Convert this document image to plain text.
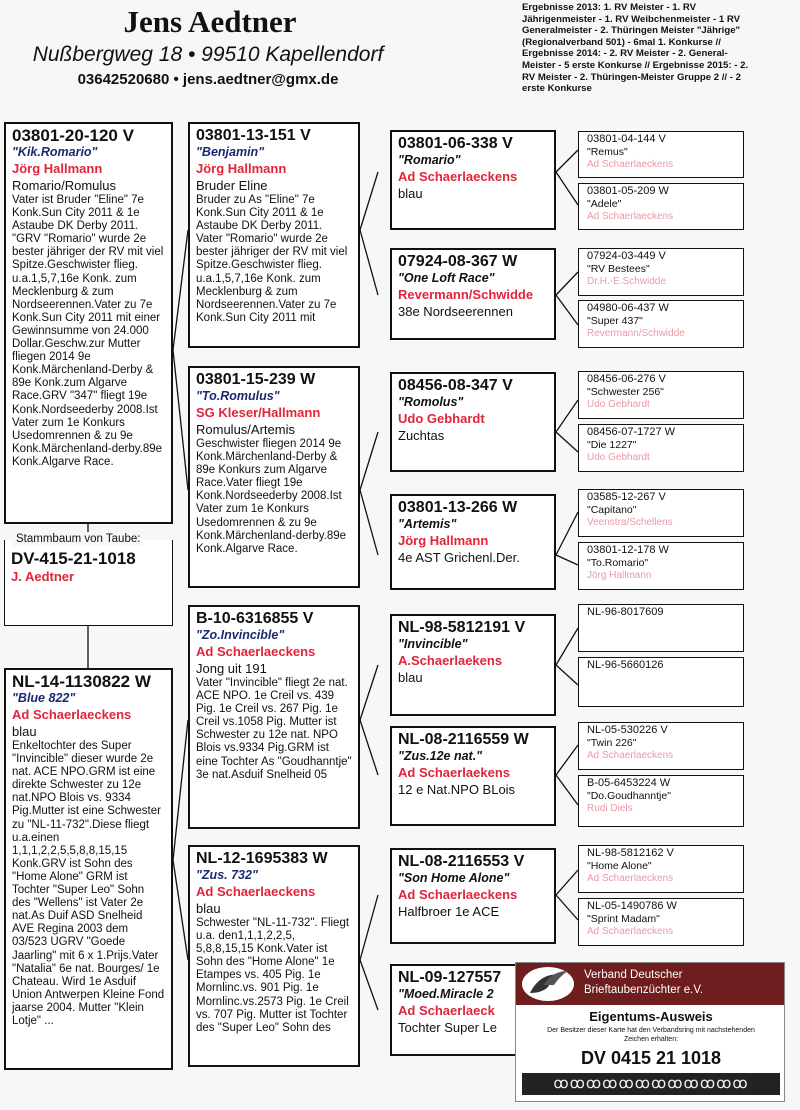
Jens Aedtner
Nußbergweg 18 • 99510 Kapellendorf
03642520680 • jens.aedtner@gmx.de
Ergebnisse 2013: 1. RV Meister - 1. RV Jährigenmeister - 1. RV Weibchenmeister - 1 RV Generalmeister - 2. Thüringen Meister "Jährige" (Regionalverband 501) - 6mal 1. Konkurse // Ergebnisse 2014: - 2. RV Meister - 2. General-Meister - 5 erste Konkurse // Ergebnisse 2015: - 2. RV Meister - 2. Thüringen-Meister Gruppe 2 // - 2 erste Konkurse
03801-20-120 V
"Kik.Romario"
Jörg Hallmann
Romario/Romulus
Vater ist Bruder "Eline" 7e Konk.Sun City 2011 & 1e Astaube DK Derby 2011. "GRV "Romario" wurde 2e bester jähriger der RV mit viel Spitze.Geschwister flieg. u.a.1,5,7,16e Konk. zum Mecklenburg & zum Nordseerennen.Vater zu 7e Konk.Sun City 2011 mit einer Gewinnsumme von 24.000 Dollar.Geschw.zur Mutter fliegen 2014 9e Konk.Märchenland-Derby & 89e Konk.zum Algarve Race.GRV "347" fliegt 19e Konk.Nordseederby 2008.Ist Vater zum 1e Konkurs Usedomrennen & zu 9e Konk.Märchenland-derby.89e Konk.Algarve Race.
Stammbaum von Taube:
DV-415-21-1018
J. Aedtner
NL-14-1130822 W
"Blue 822"
Ad Schaerlaeckens
blau
Enkeltochter des Super "Invincible" dieser wurde 2e nat. ACE NPO.GRM ist eine direkte Schwester zu 12e nat.NPO Blois vs. 9334 Pig.Mutter ist eine Schwester zu "NL-11-732".Diese fliegt u.a.einen 1,1,1,2,2,5,5,8,8,15,15 Konk.GRV ist Sohn des "Home Alone" GRM ist Tochter "Super Leo" Sohn des "Wellens" ist Vater 2e nat.As Duif ASD Snelheid AVE Regina 2003 dem 03/523 UGRV "Goede Jaarling" mit 6 x 1.Prijs.Vater "Natalia" 6e nat. Bourges/ 1e Chateau. Wird 1e Asduif Union Antwerpen Kleine Fond jaarse 2004. Mutter "Klein Lotje" ...
03801-13-151 V
"Benjamin"
Jörg Hallmann
Bruder Eline
Bruder zu As "Eline" 7e Konk.Sun City 2011 & 1e Astaube DK Derby 2011. Vater "Romario" wurde 2e bester jähriger der RV mit viel Spitze.Geschwister flieg. u.a.1,5,7,16e Konk. zum Mecklenburg & zum Nordseerennen.Vater zu 7e Konk.Sun City 2011 mit
03801-15-239 W
"To.Romulus"
SG Kleser/Hallmann
Romulus/Artemis
Geschwister fliegen 2014 9e Konk.Märchenland-Derby & 89e Konkurs zum Algarve Race.Vater fliegt 19e Konk.Nordseederby 2008.Ist Vater zum 1e Konkurs Usedomrennen & zu 9e Konk.Märchenland-derby.89e Konk.Algarve Race.
B-10-6316855 V
"Zo.Invincible"
Ad Schaerlaeckens
Jong uit 191
Vater "Invincible" fliegt 2e nat. ACE NPO. 1e Creil vs. 439 Pig. 1e Creil vs. 267 Pig. 1e Creil vs.1058 Pig. Mutter ist Schwester zu 12e nat. NPO Blois vs.9334 Pig.GRM ist eine Tochter As "Goudhanntje" 3e nat.Asduif Snelheid 05
NL-12-1695383 W
"Zus. 732"
Ad Schaerlaeckens
blau
Schwester "NL-11-732". Fliegt u.a. den1,1,1,2,2,5, 5,8,8,15,15 Konk.Vater ist Sohn des "Home Alone" 1e Etampes vs. 405 Pig. 1e Mornlinc.vs. 901 Pig. 1e Mornlinc.vs.2573 Pig. 1e Creil vs. 707 Pig. Mutter ist Tochter des "Super Leo" Sohn des
03801-06-338 V
"Romario"
Ad Schaerlaeckens
blau
07924-08-367 W
"One Loft Race"
Revermann/Schwidde
38e Nordseerennen
08456-08-347 V
"Romolus"
Udo Gebhardt
Zuchtas
03801-13-266 W
"Artemis"
Jörg Hallmann
4e AST Grichenl.Der.
NL-98-5812191 V
"Invincible"
A.Schaerlaekens
blau
NL-08-2116559 W
"Zus.12e nat."
Ad Schaerlaekens
12 e Nat.NPO BLois
NL-08-2116553 V
"Son Home Alone"
Ad Schaerlaeckens
Halfbroer 1e ACE
NL-09-127557
"Moed.Miracle 2
Ad Schaerlaeck
Tochter Super Le
03801-04-144 V
"Remus"
Ad Schaerlaeckens
03801-05-209 W
"Adele"
Ad Schaerlaeckens
07924-03-449 V
"RV Bestees"
Dr.H.-E.Schwidde
04980-06-437 W
"Super 437"
Revermann/Schwidde
08456-06-276 V
"Schwester 256"
Udo Gebhardt
08456-07-1727 W
"Die 1227"
Udo Gebhardt
03585-12-267 V
"Capitano"
Veenstra/Schellens
03801-12-178 W
"To.Romario"
Jörg Hallmann
NL-96-8017609
NL-96-5660126
NL-05-530226 V
"Twin 226"
Ad Schaerlaeckens
B-05-6453224 W
"Do.Goudhanntje"
Rudi Diels
NL-98-5812162 V
"Home Alone"
Ad Schaerlaeckens
NL-05-1490786 W
"Sprint Madam"
Ad Schaerlaeckens
Verband Deutscher Brieftaubenzüchter e.V.
Eigentums-Ausweis
Der Besitzer dieser Karte hat den Verbandsring mit nachstehenden Zeichen erhalten:
DV 0415 21 1018
ꝏꝏꝏꝏꝏꝏꝏꝏꝏꝏꝏꝏ
